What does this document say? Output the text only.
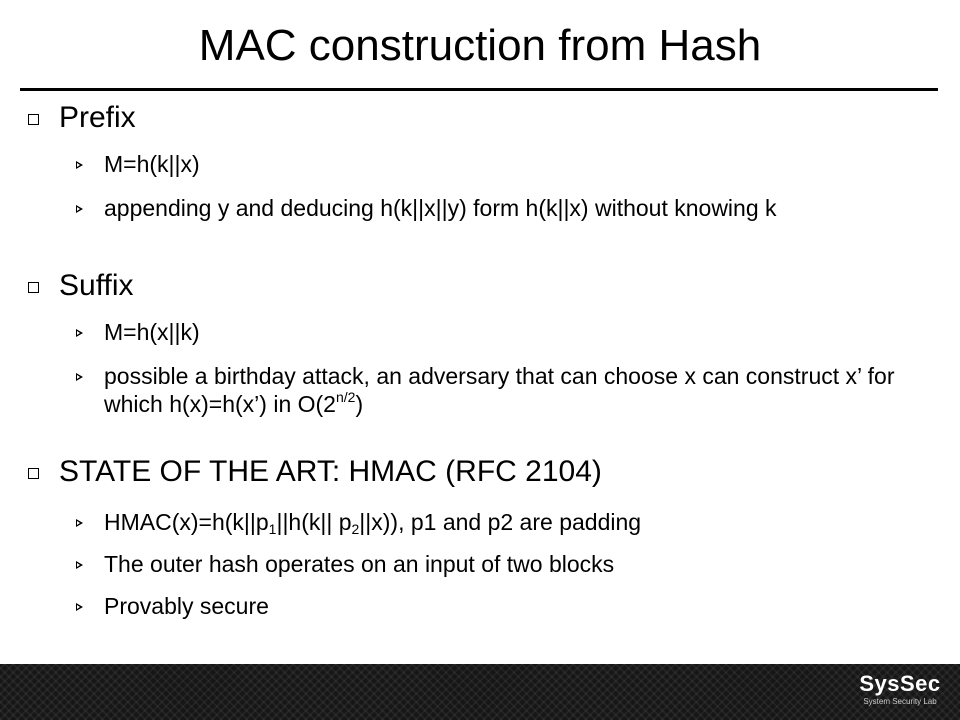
MAC construction from Hash
Prefix
M=h(k||x)
appending y and deducing h(k||x||y) form h(k||x) without knowing k
Suffix
M=h(x||k)
possible a birthday attack, an adversary that can choose x can construct x’ for which h(x)=h(x’) in $O(2^{n/2})$
STATE OF THE ART: HMAC (RFC 2104)
$HMAC(x)=h(k||p_1||h(k||$ $p_2||x$)), p1 and p2 are padding
The outer hash operates on an input of two blocks
Provably secure
SysSec
System Security Lab
